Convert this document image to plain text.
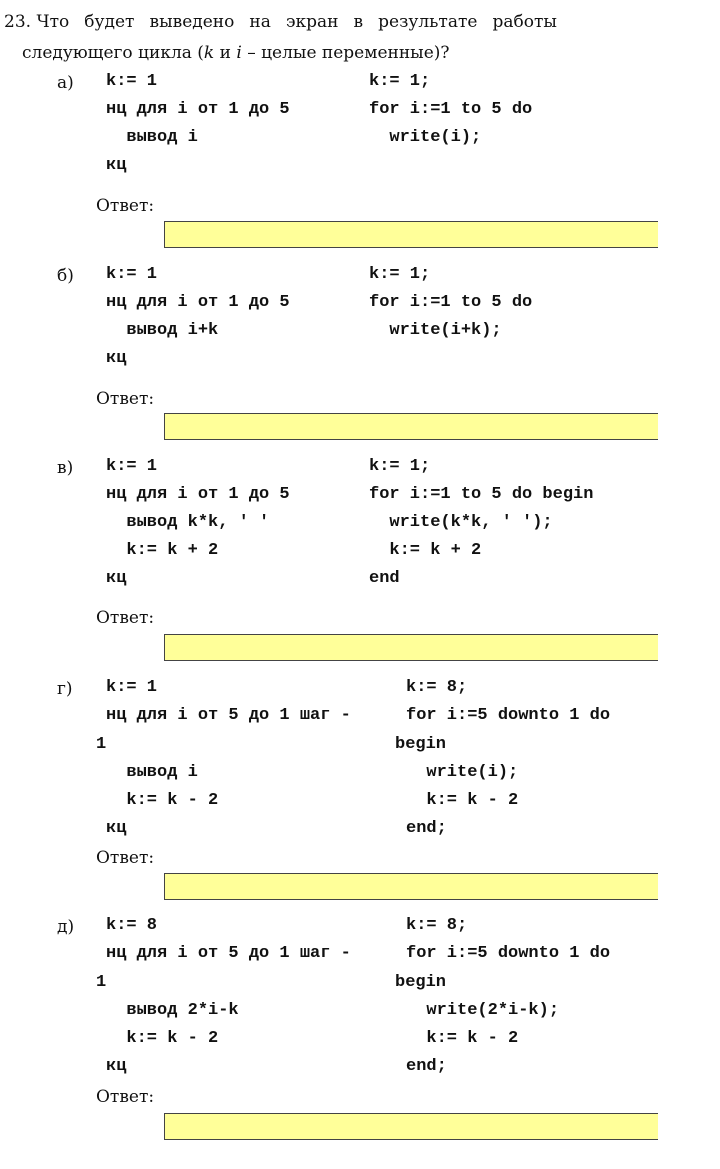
23. Что будет выведено на экран в результате работы
следующего цикла (k и i – целые переменные)?
а) k:= 1
нц для i от 1 до 5
вывод i
кц
k:= 1;
for i:=1 to 5 do
write(i);
Ответ:
б) k:= 1
нц для i от 1 до 5
вывод i+k
кц
k:= 1;
for i:=1 to 5 do
write(i+k);
Ответ:
в) k:= 1
нц для i от 1 до 5
вывод k*k, ' '
k:= k + 2
кц
k:= 1;
for i:=1 to 5 do begin
write(k*k, ' ');
k:= k + 2
end
Ответ:
г) k:= 1
нц для i от 5 до 1 шаг -
1
вывод i
k:= k - 2
кц
k:= 8;
for i:=5 downto 1 do
begin
write(i);
k:= k - 2
end;
Ответ:
д) k:= 8
нц для i от 5 до 1 шаг -
1
вывод 2*i-k
k:= k - 2
кц
k:= 8;
for i:=5 downto 1 do
begin
write(2*i-k);
k:= k - 2
end;
Ответ:
